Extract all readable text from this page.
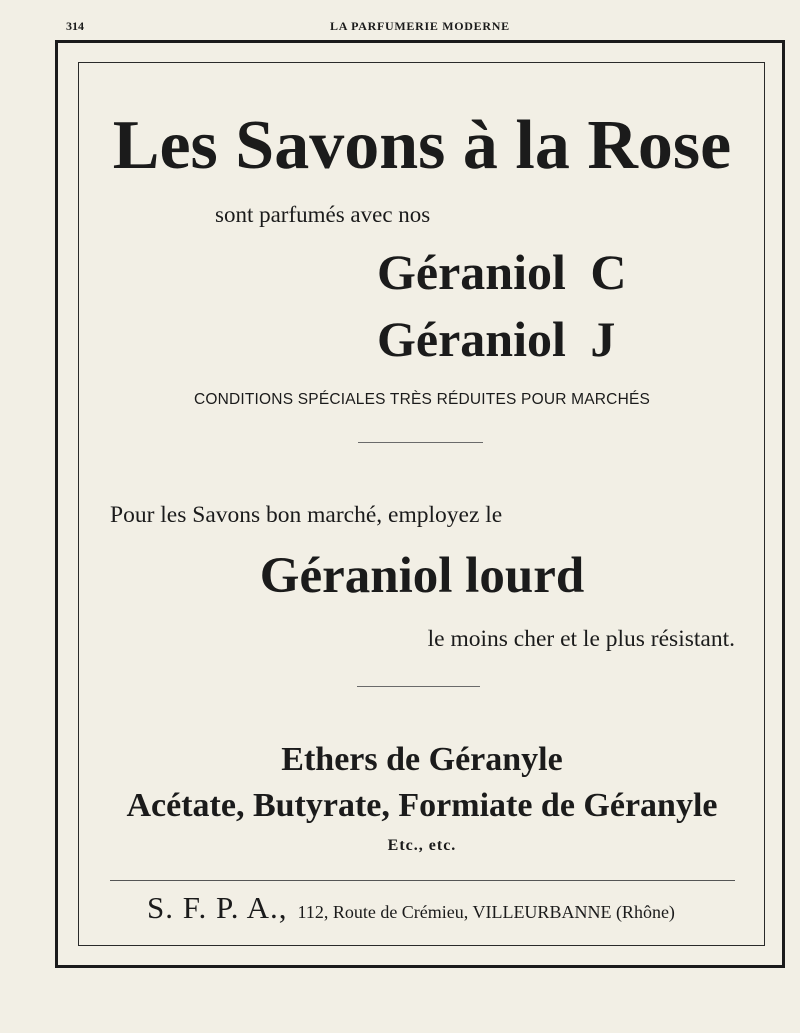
314	LA PARFUMERIE MODERNE
Les Savons à la Rose
sont parfumés avec nos
Géraniol C
Géraniol J
CONDITIONS SPÉCIALES TRÈS RÉDUITES POUR MARCHÉS
Pour les Savons bon marché, employez le
Géraniol lourd
le moins cher et le plus résistant.
Ethers de Géranyle
Acétate, Butyrate, Formiate de Géranyle
Etc., etc.
S. F. P. A., 112, Route de Crémieu, VILLEURBANNE (Rhône)
